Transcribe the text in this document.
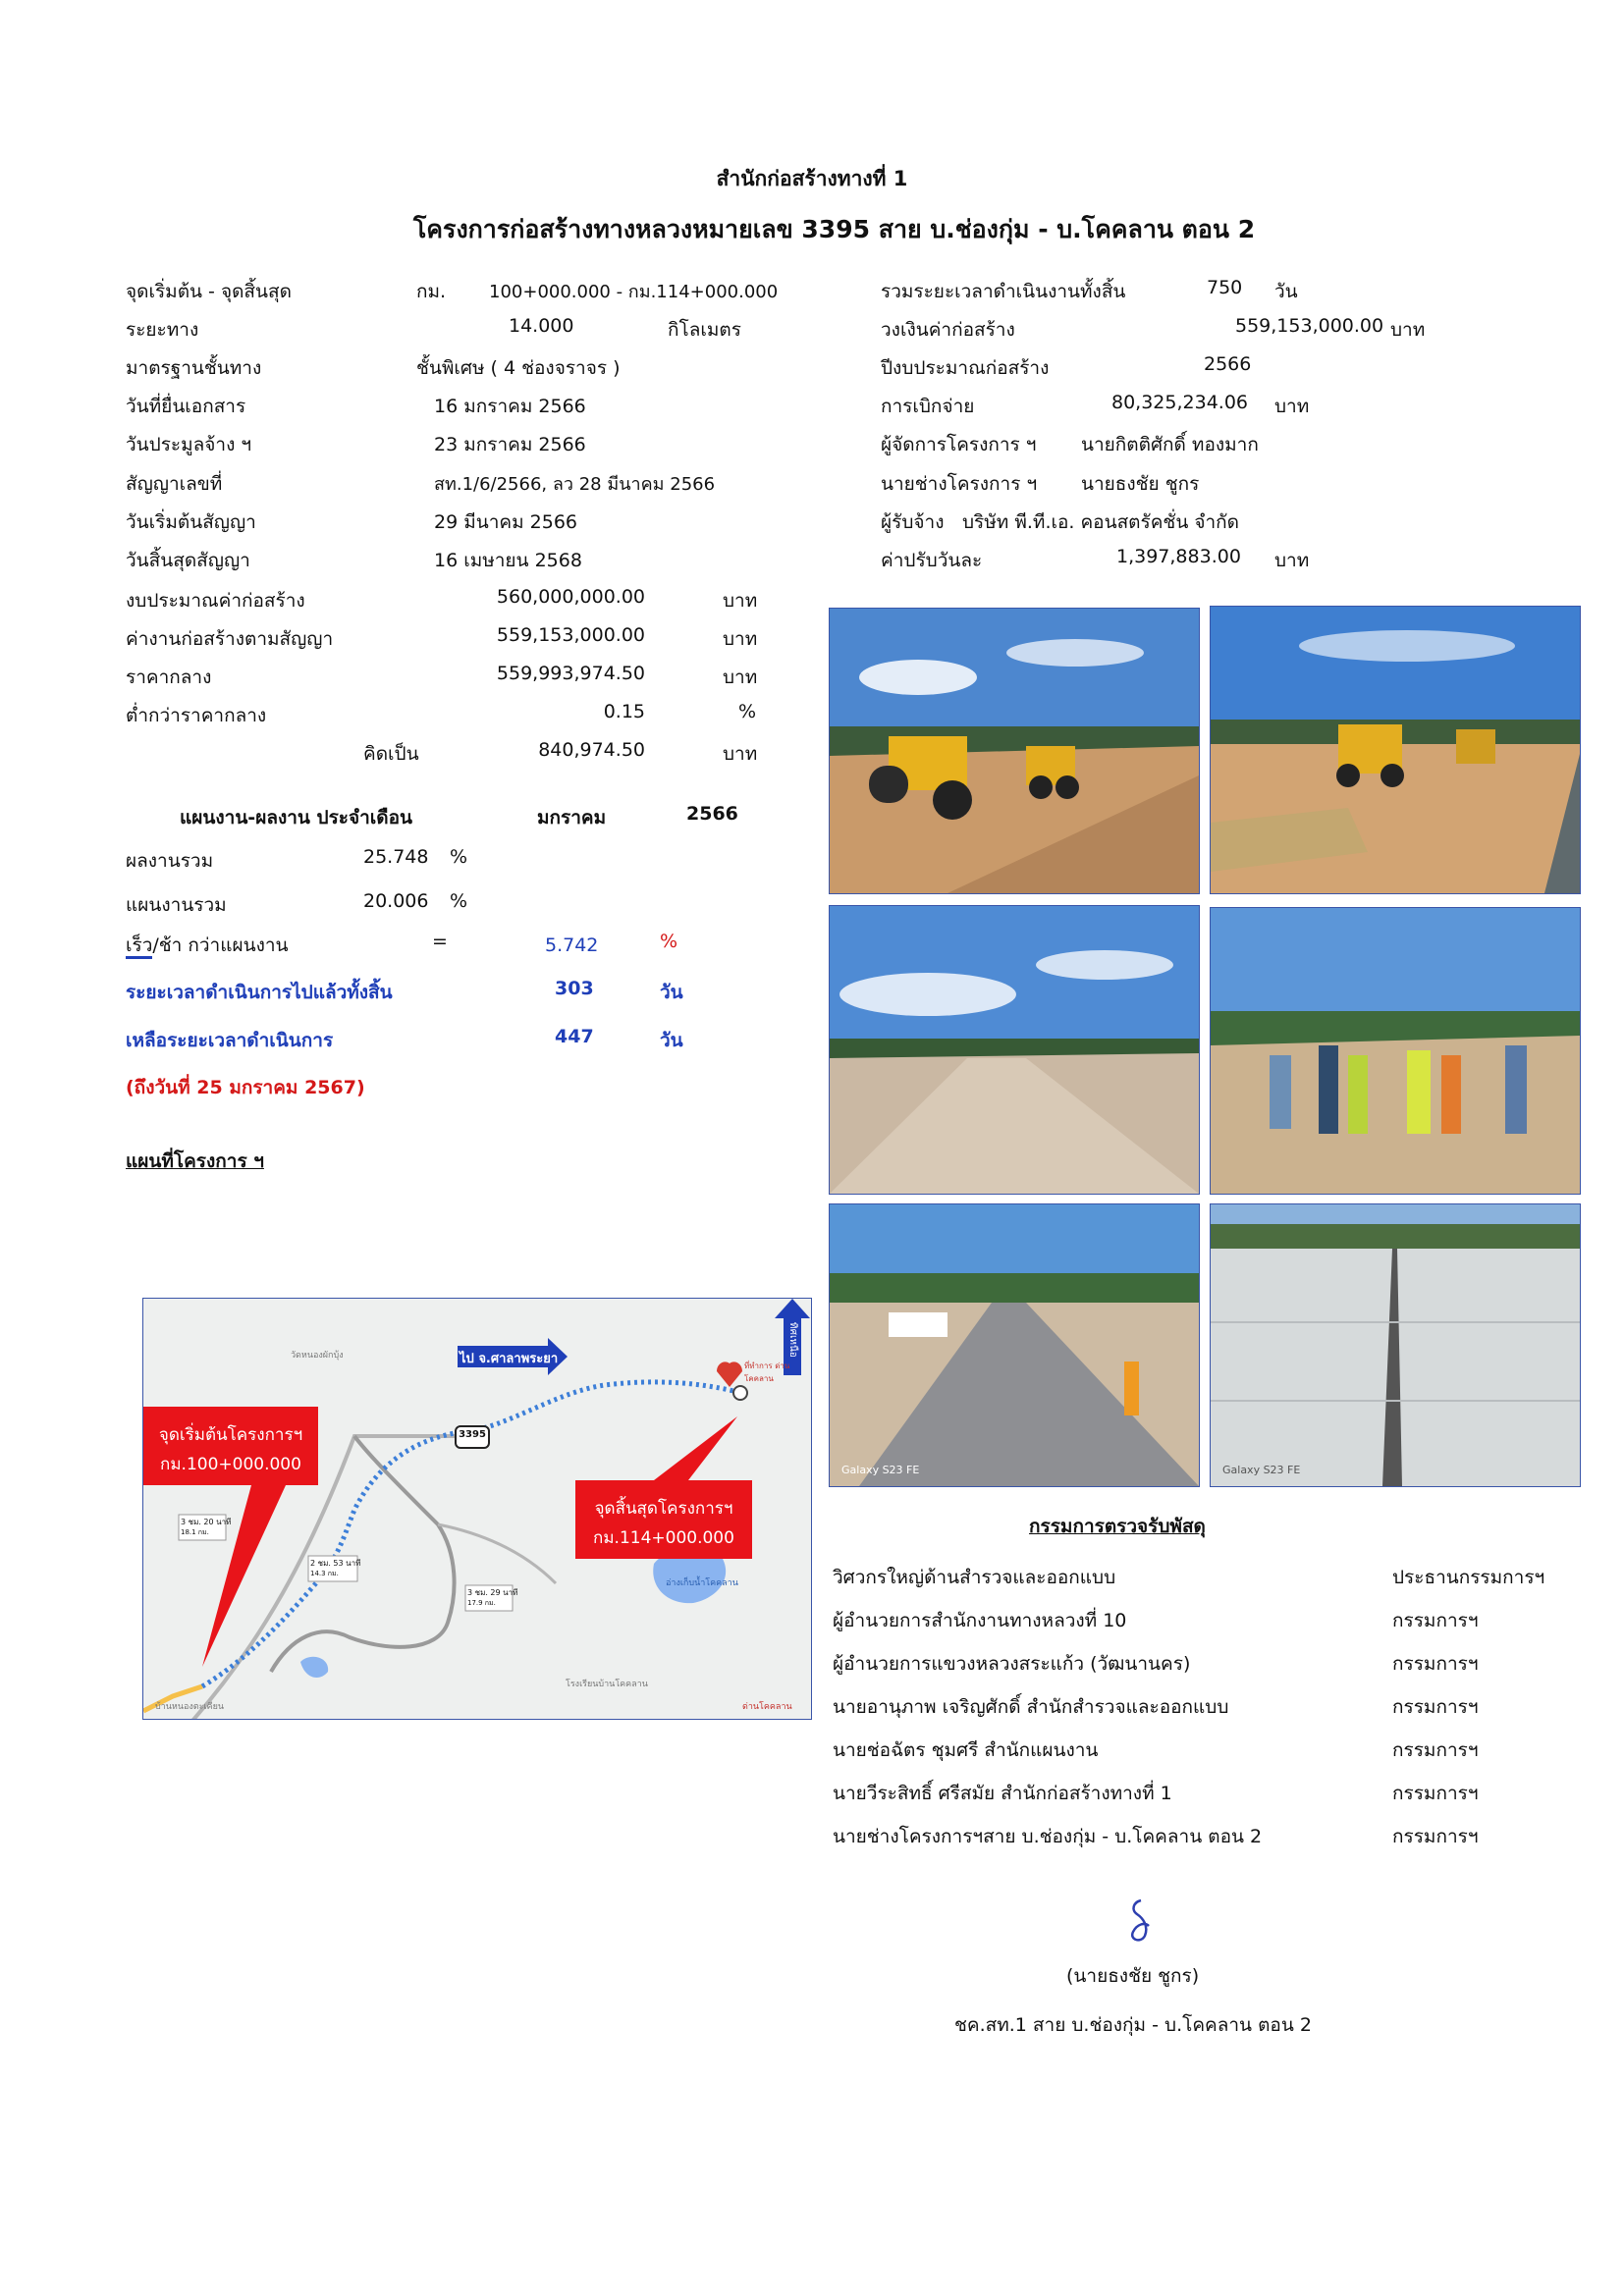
สำนักก่อสร้างทางที่ 1
โครงการก่อสร้างทางหลวงหมายเลข 3395 สาย บ.ช่องกุ่ม - บ.โคคลาน ตอน 2
จุดเริ่มต้น - จุดสิ้นสุด	กม. 100+000.000 - กม.114+000.000
ระยะทาง	14.000	กิโลเมตร
มาตรฐานชั้นทาง	ชั้นพิเศษ ( 4 ช่องจราจร )
วันที่ยื่นเอกสาร	16 มกราคม 2566
วันประมูลจ้าง ฯ	23 มกราคม 2566
สัญญาเลขที่	สท.1/6/2566, ลว 28 มีนาคม 2566
วันเริ่มต้นสัญญา	29 มีนาคม 2566
วันสิ้นสุดสัญญา	16 เมษายน 2568
รวมระยะเวลาดำเนินงานทั้งสิ้น	750 วัน
วงเงินค่าก่อสร้าง	559,153,000.00 บาท
ปีงบประมาณก่อสร้าง	2566
การเบิกจ่าย	80,325,234.06 บาท
ผู้จัดการโครงการ ฯ นายกิตติศักดิ์ ทองมาก
นายช่างโครงการ ฯ นายธงชัย ชูกร
ผู้รับจ้าง บริษัท พี.ที.เอ. คอนสตรัคชั่น จำกัด
ค่าปรับวันละ	1,397,883.00 บาท
งบประมาณค่าก่อสร้าง	560,000,000.00	บาท
ค่างานก่อสร้างตามสัญญา	559,153,000.00	บาท
ราคากลาง	559,993,974.50	บาท
ต่ำกว่าราคากลาง	0.15	%
คิดเป็น	840,974.50	บาท
แผนงาน-ผลงาน ประจำเดือน	มกราคม	2566
ผลงานรวม	25.748 %
แผนงานรวม	20.006 %
เร็ว/ช้า กว่าแผนงาน	=	5.742	%
ระยะเวลาดำเนินการไปแล้วทั้งสิ้น	303	วัน
เหลือระยะเวลาดำเนินการ	447	วัน
(ถึงวันที่ 25 มกราคม 2567)
แผนที่โครงการ ฯ
Galaxy S23 FE	Galaxy S23 FE
จุดเริ่มต้นโครงการฯ
กม.100+000.000
จุดสิ้นสุดโครงการฯ
กม.114+000.000
ไป จ.ศาลาพระยา
ทิศเหนือ
3395
ที่ทำการ ด่านโคคลาน
3 ชม. 20 นาที
18.1 กม.
2 ชม. 53 นาที
14.3 กม.
3 ชม. 29 นาที
17.9 กม.
วัดหนองผักบุ้ง
อ่างเก็บน้ำโคคลาน
บ้านหนองตะเคียน
โรงเรียนบ้านโคคลาน
ด่านโคคลาน
กรรมการตรวจรับพัสดุ
วิศวกรใหญ่ด้านสำรวจและออกแบบ	ประธานกรรมการฯ
ผู้อำนวยการสำนักงานทางหลวงที่ 10	กรรมการฯ
ผู้อำนวยการแขวงหลวงสระแก้ว (วัฒนานคร)	กรรมการฯ
นายอานุภาพ เจริญศักดิ์ สำนักสำรวจและออกแบบ	กรรมการฯ
นายช่อฉัตร ชุมศรี สำนักแผนงาน	กรรมการฯ
นายวีระสิทธิ์ ศรีสมัย สำนักก่อสร้างทางที่ 1	กรรมการฯ
นายช่างโครงการฯสาย บ.ช่องกุ่ม - บ.โคคลาน ตอน 2	กรรมการฯ
(นายธงชัย ชูกร)
ชค.สท.1 สาย บ.ช่องกุ่ม - บ.โคคลาน ตอน 2
